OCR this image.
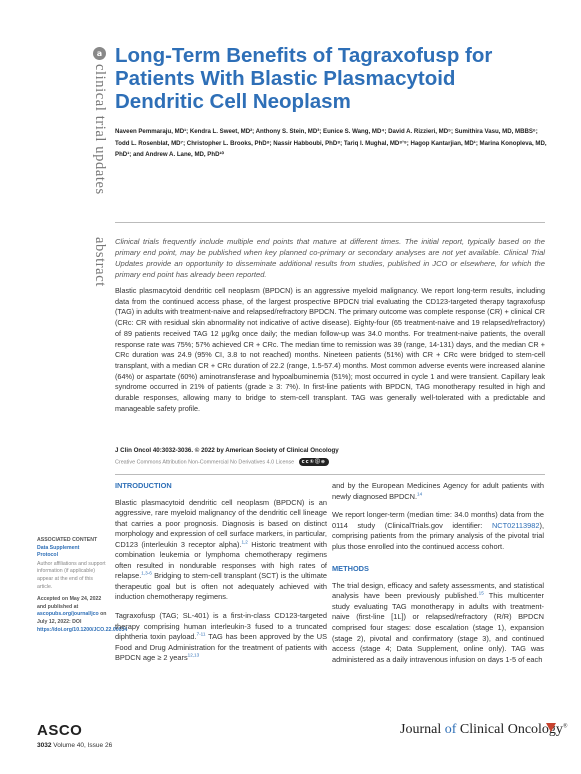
a
clinical trial updates
abstract
Long-Term Benefits of Tagraxofusp for Patients With Blastic Plasmacytoid Dendritic Cell Neoplasm
Naveen Pemmaraju, MD¹; Kendra L. Sweet, MD²; Anthony S. Stein, MD³; Eunice S. Wang, MD⁴; David A. Rizzieri, MD⁵; Sumithira Vasu, MD, MBBS⁶; Todd L. Rosenblat, MD⁷; Christopher L. Brooks, PhD⁸; Nassir Habboubi, PhD⁸; Tariq I. Mughal, MD⁸ʼ⁹; Hagop Kantarjian, MD¹; Marina Konopleva, MD, PhD¹; and Andrew A. Lane, MD, PhD¹⁰
Clinical trials frequently include multiple end points that mature at different times. The initial report, typically based on the primary end point, may be published when key planned co-primary or secondary analyses are not yet available. Clinical Trial Updates provide an opportunity to disseminate additional results from studies, published in JCO or elsewhere, for which the primary end point has already been reported.
Blastic plasmacytoid dendritic cell neoplasm (BPDCN) is an aggressive myeloid malignancy. We report long-term results, including data from the continued access phase, of the largest prospective BPDCN trial evaluating the CD123-targeted therapy tagraxofusp (TAG) in adults with treatment-naive and relapsed/refractory BPDCN. The primary outcome was complete response (CR) + clinical CR (CRc: CR with residual skin abnormality not indicative of active disease). Eighty-four (65 treatment-naive and 19 relapsed/refractory) of 89 patients received TAG 12 μg/kg once daily; the median follow-up was 34.0 months. For treatment-naive patients, the overall response rate was 75%; 57% achieved CR + CRc. The median time to remission was 39 (range, 14-131) days, and the median CR + CRc duration was 24.9 (95% CI, 3.8 to not reached) months. Nineteen patients (51%) with CR + CRc were bridged to stem-cell transplant, with a median CR + CRc duration of 22.2 (range, 1.5-57.4) months. Most common adverse events were increased alanine (64%) or aspartate (60%) aminotransferase and hypoalbuminemia (51%); most occurred in cycle 1 and were transient. Capillary leak syndrome occurred in 21% of patients (grade ≥ 3: 7%). In first-line patients with BPDCN, TAG monotherapy resulted in high and durable responses, allowing many to bridge to stem-cell transplant. TAG was generally well-tolerated with a predictable and manageable safety profile.
J Clin Oncol 40:3032-3036. © 2022 by American Society of Clinical Oncology
Creative Commons Attribution Non-Commercial No Derivatives 4.0 License cc①Ⓢ⊜
ASSOCIATED CONTENT
Data Supplement
Protocol
Author affiliations and support information (if applicable) appear at the end of this article.
Accepted on May 24, 2022 and published at ascopubs.org/journal/jco on July 12, 2022: DOI https://doi.org/10.1200/JCO.22.00034
INTRODUCTION

Blastic plasmacytoid dendritic cell neoplasm (BPDCN) is an aggressive, rare myeloid malignancy of the dendritic cell lineage that carries a poor prognosis. Diagnosis is based on distinct morphology and expression of cell surface markers, in particular, CD123 (interleukin 3 receptor alpha).$^{1,2}$ Historic treatment with combination leukemia or lymphoma chemotherapy regimens often resulted in nondurable responses with high rates of relapse.$^{1,3-6}$ Bridging to stem-cell transplant (SCT) is the ultimate therapeutic goal but is often not adequately achieved with induction chemotherapy regimens.

Tagraxofusp (TAG; SL-401) is a first-in-class CD123-targeted therapy comprising human interleukin-3 fused to a truncated diphtheria toxin payload.$^{7-11}$ TAG has been approved by the US Food and Drug Administration for the treatment of patients with BPDCN age ≥ 2 years$^{12,13}$

and by the European Medicines Agency for adult patients with newly diagnosed BPDCN.$^{14}$

We report longer-term (median time: 34.0 months) data from the 0114 study (ClinicalTrials.gov identifier: NCT02113982), comprising patients from the primary analysis of the pivotal trial plus those enrolled into the continued access cohort.

METHODS

The trial design, efficacy and safety assessments, and statistical analysis have been previously published.$^{15}$ This multicenter study evaluating TAG monotherapy in adults with treatment-naive (first-line [1L]) or relapsed/refractory (R/R) BPDCN comprised four stages: dose escalation (stage 1), expansion (stage 2), pivotal and confirmatory (stage 3), and continued access (stage 4; Data Supplement, online only). TAG was administered as a daily intravenous infusion on days 1-5 of each

ASCO
3032 Volume 40, Issue 26
Journal of Clinical Oncology®
